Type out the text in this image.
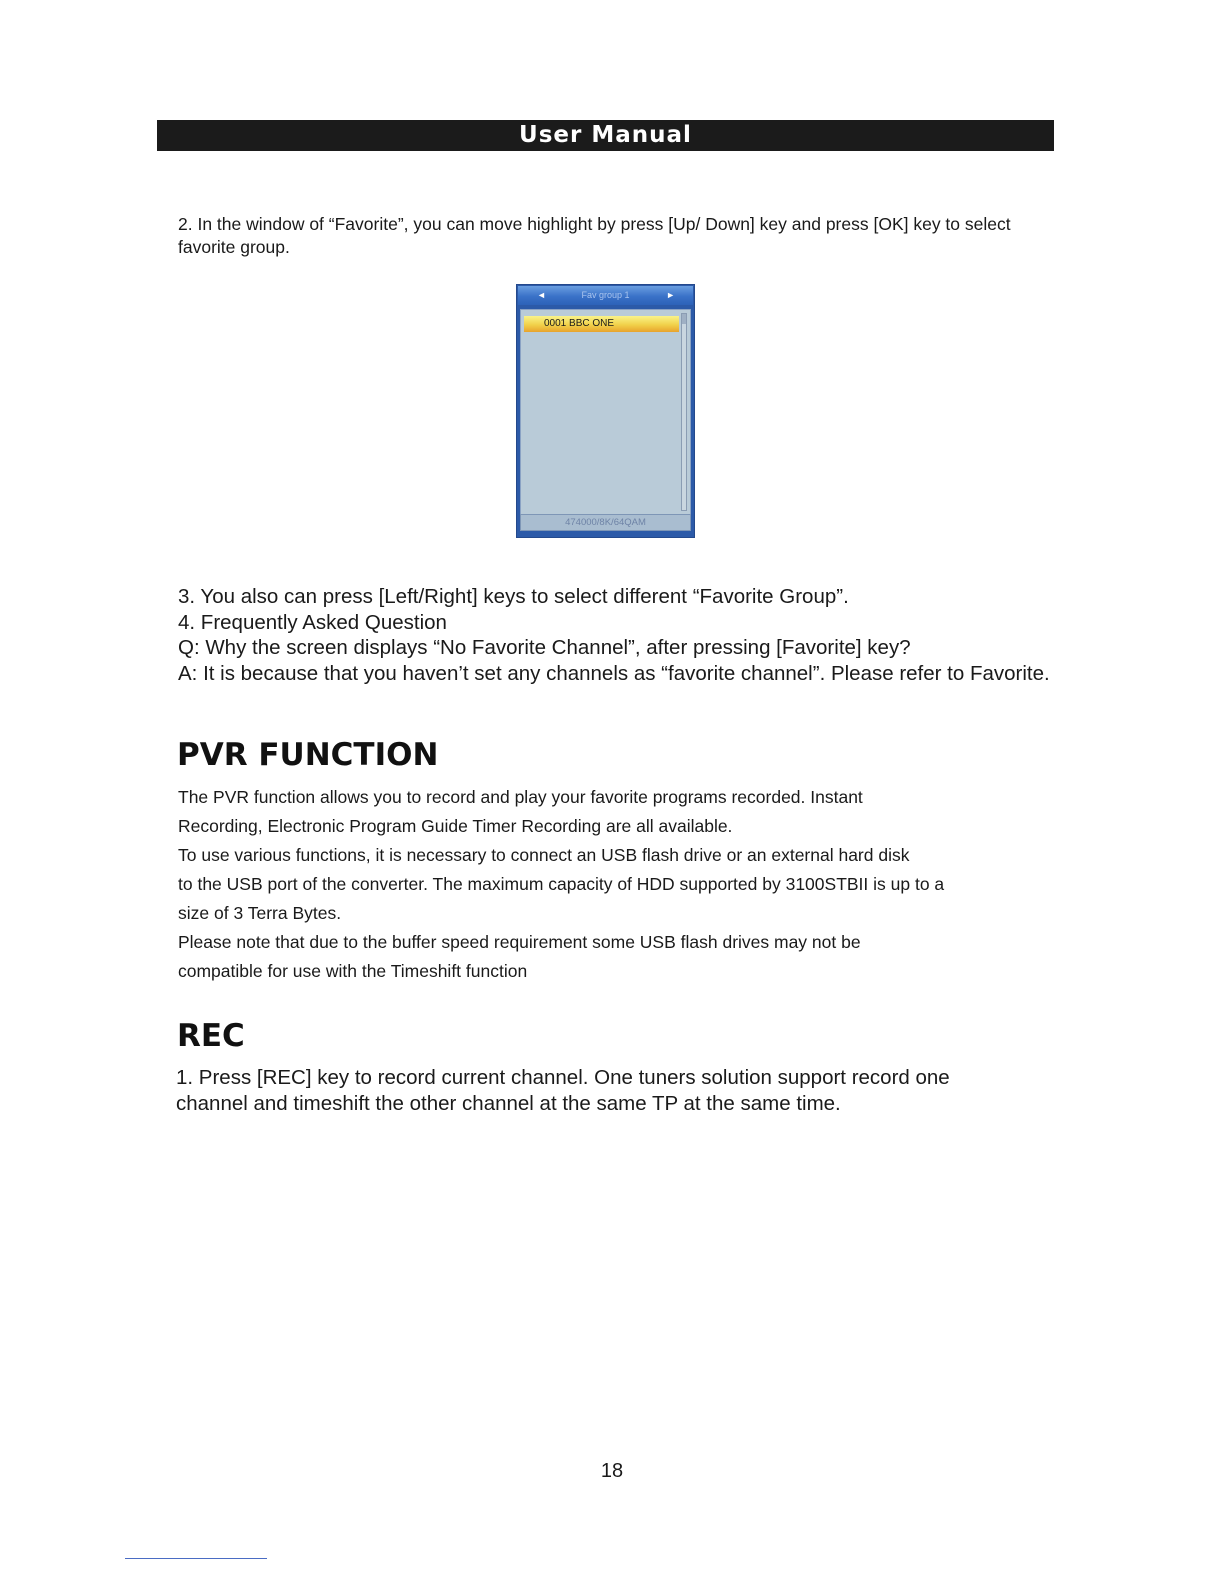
User Manual

2. In the window of “Favorite”, you can move highlight by press [Up/ Down] key and press [OK] key to select favorite group.

◄	Fav group 1	►
0001 BBC ONE
474000/8K/64QAM
3. You also can press [Left/Right] keys to select different “Favorite Group”.
4. Frequently Asked Question
Q: Why the screen displays “No Favorite Channel”, after pressing [Favorite] key?
A: It is because that you haven’t set any channels as “favorite channel”. Please refer to Favorite.
PVR FUNCTION
The PVR function allows you to record and play your favorite programs recorded. Instant
Recording, Electronic Program Guide Timer Recording are all available.
To use various functions, it is necessary to connect an USB flash drive or an external hard disk
to the USB port of the converter. The maximum capacity of HDD supported by 3100STBII is up to a
size of 3 Terra Bytes.
Please note that due to the buffer speed requirement some USB flash drives may not be
compatible for use with the Timeshift function
REC
1. Press [REC] key to record current channel. One tuners solution support record one
channel and timeshift the other channel at the same TP at the same time.
18
